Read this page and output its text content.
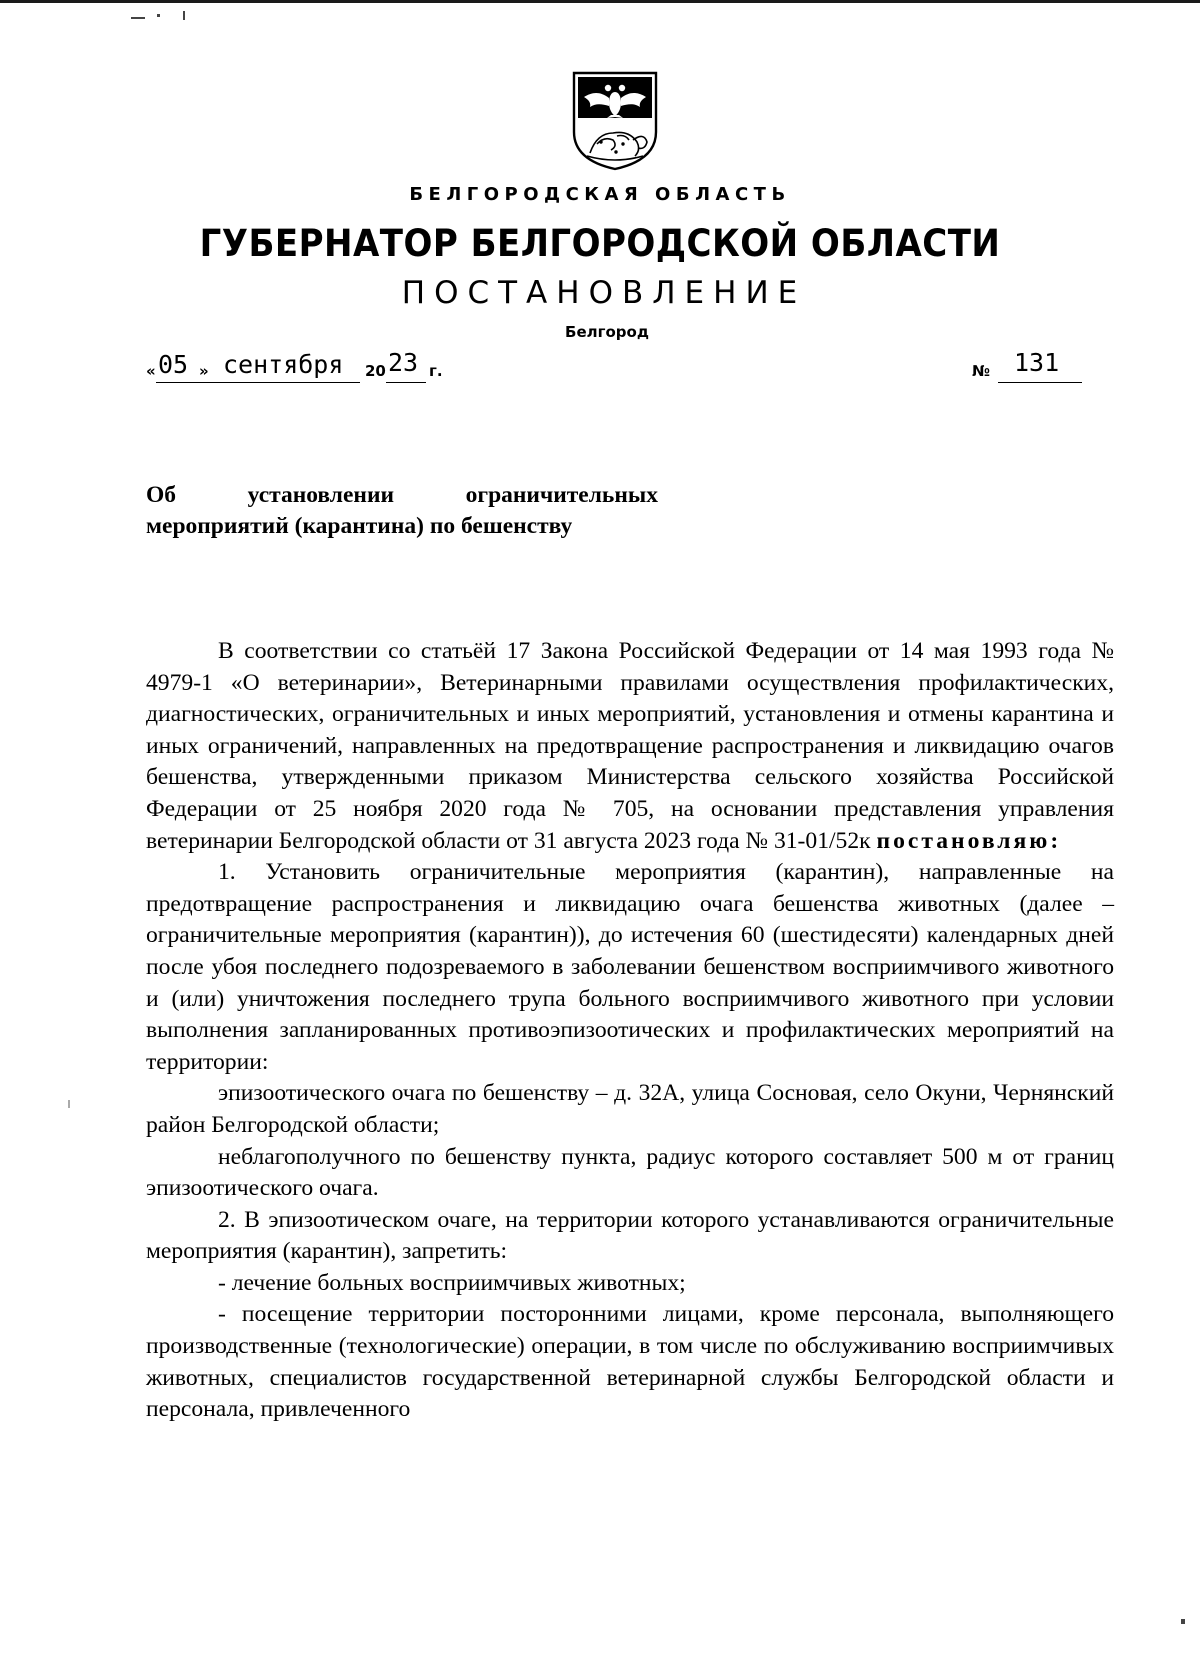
БЕЛГОРОДСКАЯ ОБЛАСТЬ
ГУБЕРНАТОР БЕЛГОРОДСКОЙ ОБЛАСТИ
ПОСТАНОВЛЕНИЕ
Белгород
« 05 » сентября 20 23 г.	№ 131
Об установлении ограничительных
мероприятий (карантина) по бешенству

В соответствии со статьёй 17 Закона Российской Федерации от 14 мая 1993 года № 4979-1 «О ветеринарии», Ветеринарными правилами осуществления профилактических, диагностических, ограничительных и иных мероприятий, установления и отмены карантина и иных ограничений, направленных на предотвращение распространения и ликвидацию очагов бешенства, утвержденными приказом Министерства сельского хозяйства Российской Федерации от 25 ноября 2020 года № 705, на основании представления управления ветеринарии Белгородской области от 31 августа 2023 года № 31-01/52к постановляю:

1. Установить ограничительные мероприятия (карантин), направленные на предотвращение распространения и ликвидацию очага бешенства животных (далее – ограничительные мероприятия (карантин)), до истечения 60 (шестидесяти) календарных дней после убоя последнего подозреваемого в заболевании бешенством восприимчивого животного и (или) уничтожения последнего трупа больного восприимчивого животного при условии выполнения запланированных противоэпизоотических и профилактических мероприятий на территории:

эпизоотического очага по бешенству – д. 32А, улица Сосновая, село Окуни, Чернянский район Белгородской области;

неблагополучного по бешенству пункта, радиус которого составляет 500 м от границ эпизоотического очага.

2. В эпизоотическом очаге, на территории которого устанавливаются ограничительные мероприятия (карантин), запретить:

- лечение больных восприимчивых животных;

- посещение территории посторонними лицами, кроме персонала, выполняющего производственные (технологические) операции, в том числе по обслуживанию восприимчивых животных, специалистов государственной ветеринарной службы Белгородской области и персонала, привлеченного
